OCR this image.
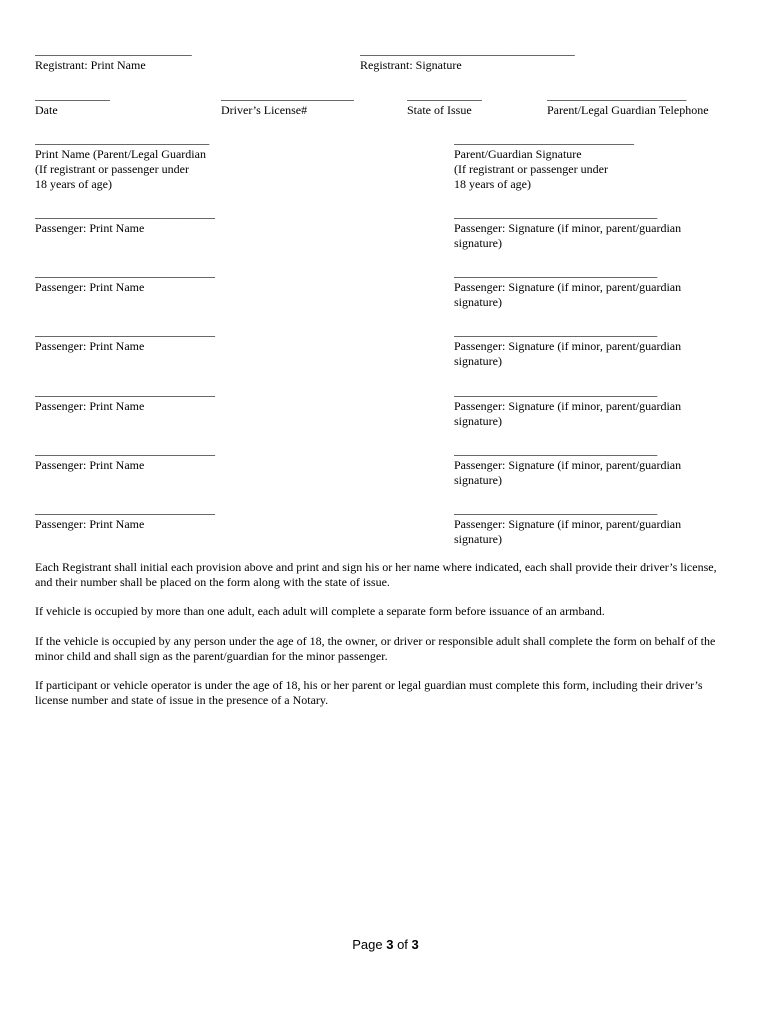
___________________________
Registrant: Print Name
_____________________________________
Registrant: Signature
_____________
Date
_______________________
Driver’s License#
_____________
State of Issue
________________________
Parent/Legal Guardian Telephone
______________________________
Print Name (Parent/Legal Guardian
(If registrant or passenger under
18 years of age)
_______________________________
Parent/Guardian Signature
(If registrant or passenger under
18 years of age)
_______________________________
Passenger: Print Name
___________________________________
Passenger: Signature (if minor, parent/guardian
signature)
_______________________________
Passenger: Print Name
___________________________________
Passenger: Signature (if minor, parent/guardian
signature)
_______________________________
Passenger: Print Name
___________________________________
Passenger: Signature (if minor, parent/guardian
signature)
_______________________________
Passenger: Print Name
___________________________________
Passenger: Signature (if minor, parent/guardian
signature)
_______________________________
Passenger: Print Name
___________________________________
Passenger: Signature (if minor, parent/guardian
signature)
_______________________________
Passenger: Print Name
___________________________________
Passenger: Signature (if minor, parent/guardian
signature)
Each Registrant shall initial each provision above and print and sign his or her name where indicated, each shall provide their driver’s license, and their number shall be placed on the form along with the state of issue.
If vehicle is occupied by more than one adult, each adult will complete a separate form before issuance of an armband.
If the vehicle is occupied by any person under the age of 18, the owner, or driver or responsible adult shall complete the form on behalf of the minor child and shall sign as the parent/guardian for the minor passenger.
If participant or vehicle operator is under the age of 18, his or her parent or legal guardian must complete this form, including their driver’s license number and state of issue in the presence of a Notary.
Page 3 of 3
